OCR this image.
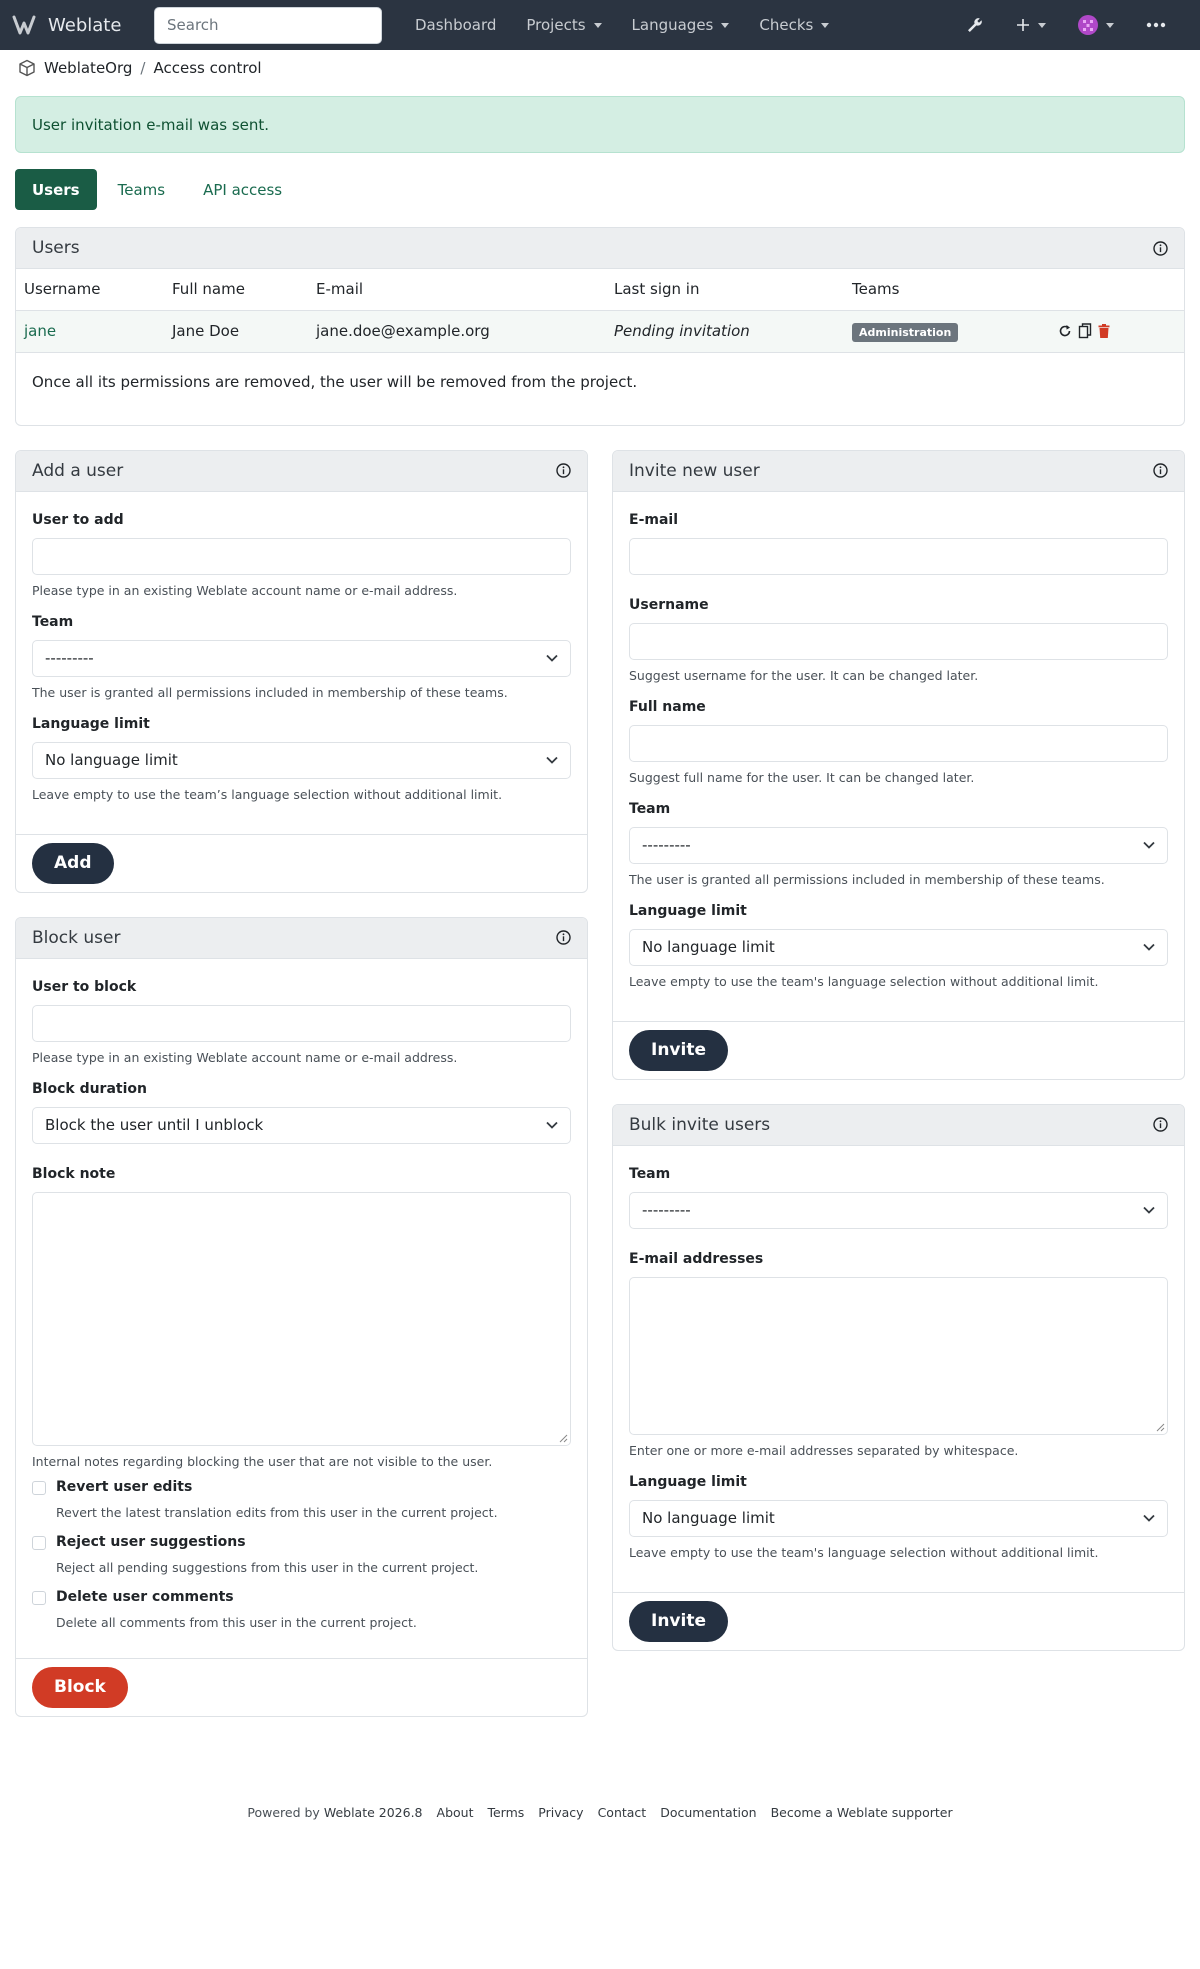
Weblate	Search	Dashboard Projects	Languages	Checks
WeblateOrg / Access control
User invitation e-mail was sent.
Users	Teams	API access
Users
Username	Full name	E-mail	Last sign in	Teams	
jane	Jane Doe	jane.doe@example.org	Pending invitation	Administration	
Once all its permissions are removed, the user will be removed from the project.
Add a user
User to add
Please type in an existing Weblate account name or e-mail address.
Team
---------
The user is granted all permissions included in membership of these teams.
Language limit
No language limit
Leave empty to use the team’s language selection without additional limit.
Add
Block user
User to block
Please type in an existing Weblate account name or e-mail address.
Block duration
Block the user until I unblock
Block note
Internal notes regarding blocking the user that are not visible to the user.
Revert user edits
Revert the latest translation edits from this user in the current project.
Reject user suggestions
Reject all pending suggestions from this user in the current project.
Delete user comments
Delete all comments from this user in the current project.
Block
Invite new user
E-mail
Username
Suggest username for the user. It can be changed later.
Full name
Suggest full name for the user. It can be changed later.
Team
---------
The user is granted all permissions included in membership of these teams.
Language limit
No language limit
Leave empty to use the team's language selection without additional limit.
Invite
Bulk invite users
Team
---------
E-mail addresses
Enter one or more e-mail addresses separated by whitespace.
Language limit
No language limit
Leave empty to use the team's language selection without additional limit.
Invite
Powered by Weblate 2026.8 About Terms Privacy Contact Documentation Become a Weblate supporter
